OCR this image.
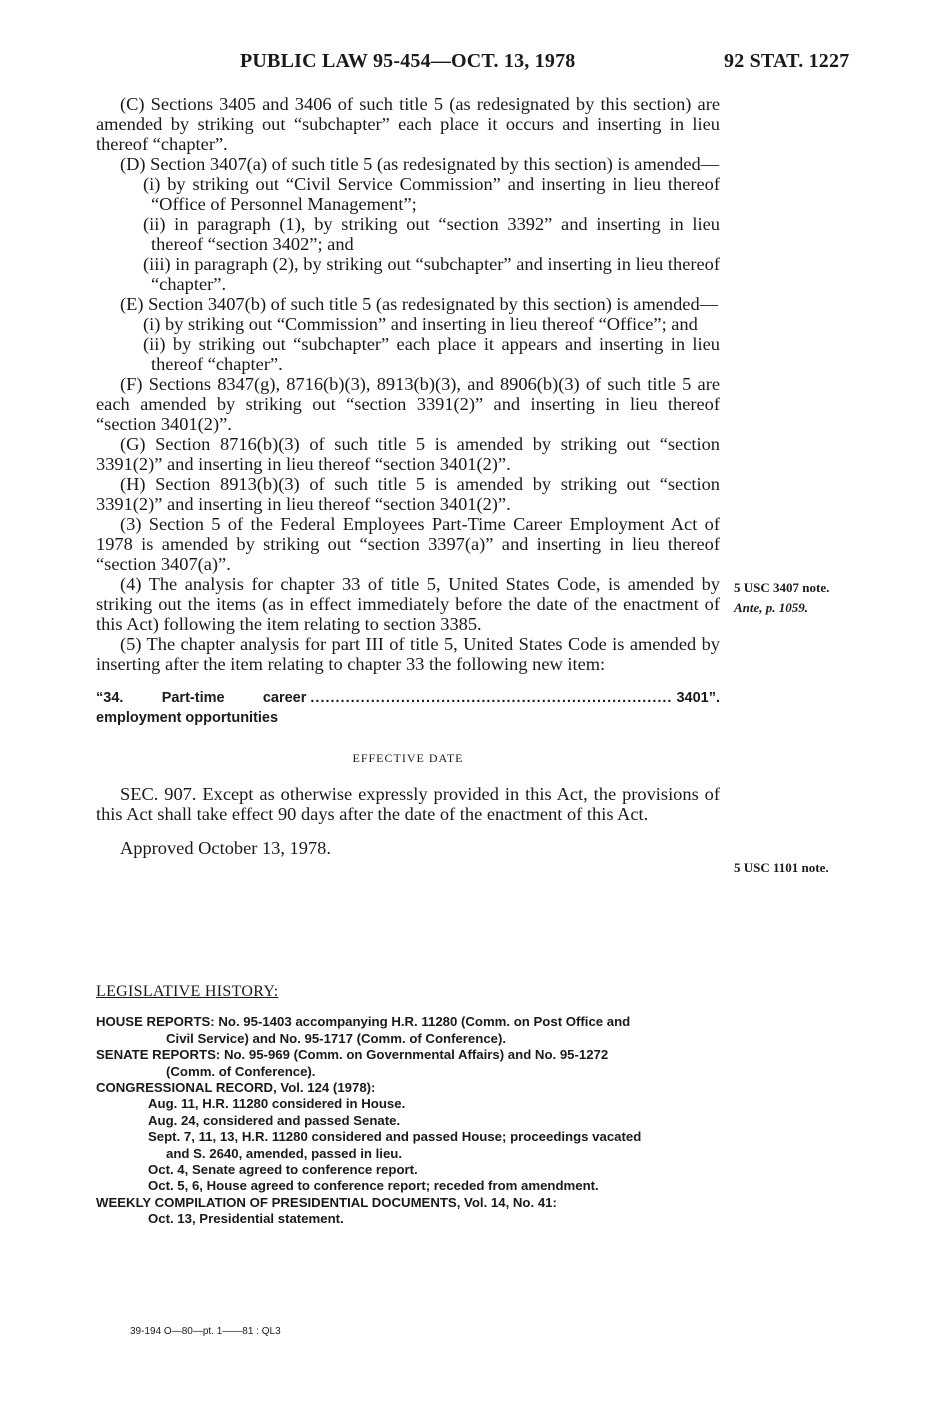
PUBLIC LAW 95-454—OCT. 13, 1978	92 STAT. 1227

(C) Sections 3405 and 3406 of such title 5 (as redesignated by this section) are amended by striking out “subchapter” each place it occurs and inserting in lieu thereof “chapter”.

(D) Section 3407(a) of such title 5 (as redesignated by this section) is amended—

(i) by striking out “Civil Service Commission” and inserting in lieu thereof “Office of Personnel Management”;

(ii) in paragraph (1), by striking out “section 3392” and inserting in lieu thereof “section 3402”; and

(iii) in paragraph (2), by striking out “subchapter” and inserting in lieu thereof “chapter”.

(E) Section 3407(b) of such title 5 (as redesignated by this section) is amended—

(i) by striking out “Commission” and inserting in lieu thereof “Office”; and

(ii) by striking out “subchapter” each place it appears and inserting in lieu thereof “chapter”.

(F) Sections 8347(g), 8716(b)(3), 8913(b)(3), and 8906(b)(3) of such title 5 are each amended by striking out “section 3391(2)” and inserting in lieu thereof “section 3401(2)”.

(G) Section 8716(b)(3) of such title 5 is amended by striking out “section 3391(2)” and inserting in lieu thereof “section 3401(2)”.

(H) Section 8913(b)(3) of such title 5 is amended by striking out “section 3391(2)” and inserting in lieu thereof “section 3401(2)”.

(3) Section 5 of the Federal Employees Part-Time Career Employment Act of 1978 is amended by striking out “section 3397(a)” and inserting in lieu thereof “section 3407(a)”.

(4) The analysis for chapter 33 of title 5, United States Code, is amended by striking out the items (as in effect immediately before the date of the enactment of this Act) following the item relating to section 3385.

(5) The chapter analysis for part III of title 5, United States Code is amended by inserting after the item relating to chapter 33 the following new item:

“34. Part-time career employment opportunities
........................................................................ 3401”.
EFFECTIVE DATE

SEC. 907. Except as otherwise expressly provided in this Act, the provisions of this Act shall take effect 90 days after the date of the enactment of this Act.

Approved October 13, 1978.

5 USC 3407 note.
Ante, p. 1059.
5 USC 1101 note.
LEGISLATIVE HISTORY:
HOUSE REPORTS: No. 95-1403 accompanying H.R. 11280 (Comm. on Post Office and
Civil Service) and No. 95-1717 (Comm. of Conference).
SENATE REPORTS: No. 95-969 (Comm. on Governmental Affairs) and No. 95-1272
(Comm. of Conference).
CONGRESSIONAL RECORD, Vol. 124 (1978):
Aug. 11, H.R. 11280 considered in House.
Aug. 24, considered and passed Senate.
Sept. 7, 11, 13, H.R. 11280 considered and passed House; proceedings vacated
and S. 2640, amended, passed in lieu.
Oct. 4, Senate agreed to conference report.
Oct. 5, 6, House agreed to conference report; receded from amendment.
WEEKLY COMPILATION OF PRESIDENTIAL DOCUMENTS, Vol. 14, No. 41:
Oct. 13, Presidential statement.
39-194 O—80—pt. 1——81 : QL3
